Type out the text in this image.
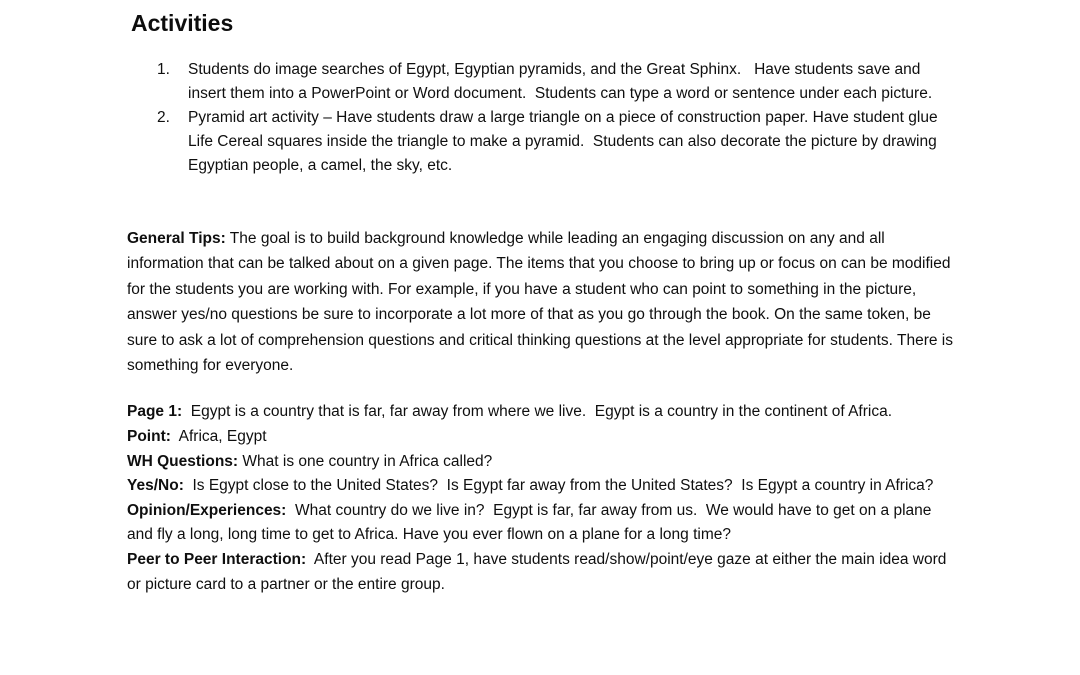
Activities
1.	Students do image searches of Egypt, Egyptian pyramids, and the Great Sphinx.   Have students save and insert them into a PowerPoint or Word document.  Students can type a word or sentence under each picture.
2.	Pyramid art activity – Have students draw a large triangle on a piece of construction paper. Have student glue Life Cereal squares inside the triangle to make a pyramid.  Students can also decorate the picture by drawing Egyptian people, a camel, the sky, etc.

General Tips: The goal is to build background knowledge while leading an engaging discussion on any and all information that can be talked about on a given page. The items that you choose to bring up or focus on can be modified for the students you are working with. For example, if you have a student who can point to something in the picture, answer yes/no questions be sure to incorporate a lot more of that as you go through the book. On the same token, be sure to ask a lot of comprehension questions and critical thinking questions at the level appropriate for students. There is something for everyone.

Page 1:  Egypt is a country that is far, far away from where we live.  Egypt is a country in the continent of Africa.

Point:  Africa, Egypt

WH Questions: What is one country in Africa called?

Yes/No:  Is Egypt close to the United States?  Is Egypt far away from the United States?  Is Egypt a country in Africa?

Opinion/Experiences:  What country do we live in?  Egypt is far, far away from us.  We would have to get on a plane and fly a long, long time to get to Africa. Have you ever flown on a plane for a long time?

Peer to Peer Interaction:  After you read Page 1, have students read/show/point/eye gaze at either the main idea word or picture card to a partner or the entire group.
